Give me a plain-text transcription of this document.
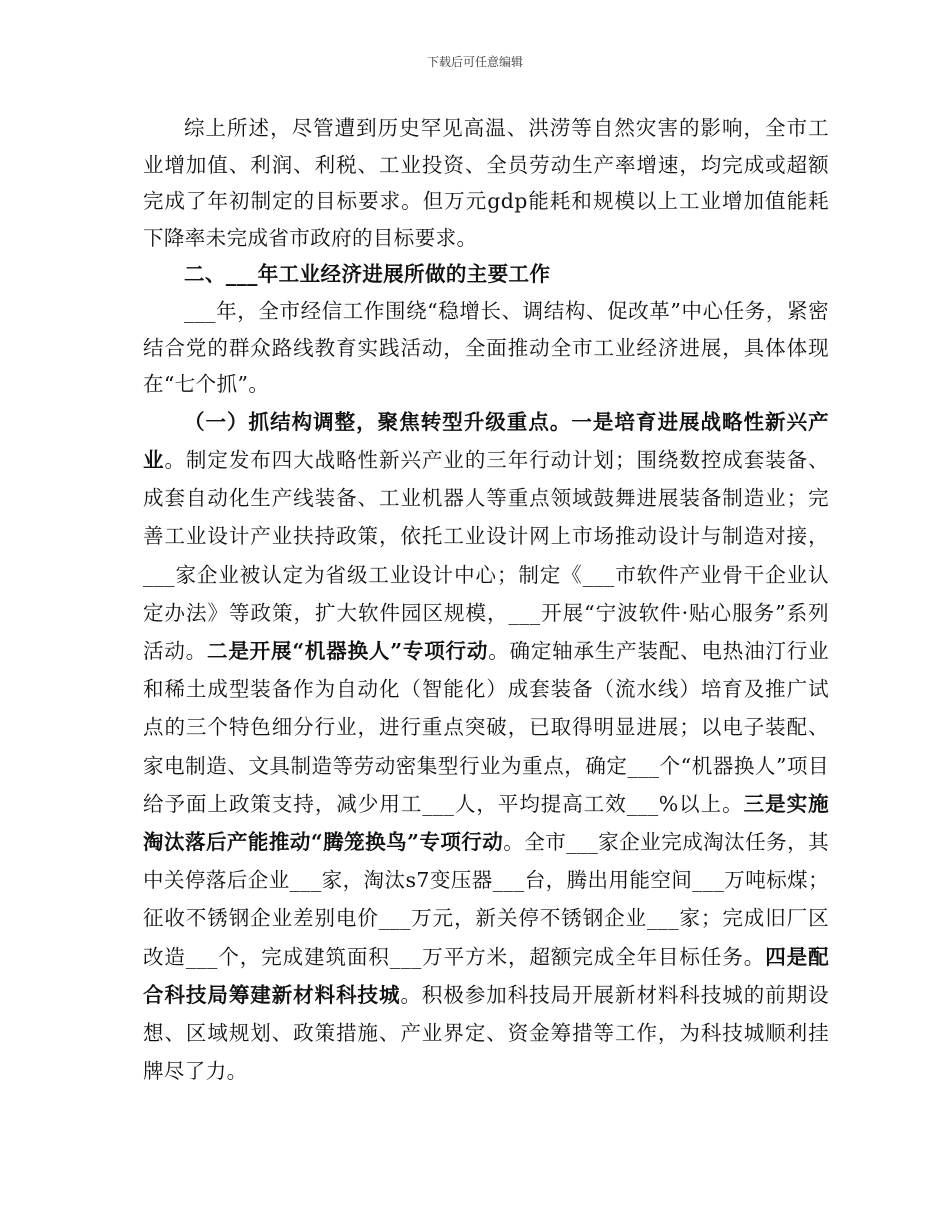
下载后可任意编辑

综上所述，尽管遭到历史罕见高温、洪涝等自然灾害的影响，全市工业增加值、利润、利税、工业投资、全员劳动生产率增速，均完成或超额完成了年初制定的目标要求。但万元gdp能耗和规模以上工业增加值能耗下降率未完成省市政府的目标要求。

二、___年工业经济进展所做的主要工作

___年，全市经信工作围绕“稳增长、调结构、促改革”中心任务，紧密结合党的群众路线教育实践活动，全面推动全市工业经济进展，具体体现在“七个抓”。

（一）抓结构调整，聚焦转型升级重点。一是培育进展战略性新兴产业。制定发布四大战略性新兴产业的三年行动计划；围绕数控成套装备、成套自动化生产线装备、工业机器人等重点领域鼓舞进展装备制造业；完善工业设计产业扶持政策，依托工业设计网上市场推动设计与制造对接，___家企业被认定为省级工业设计中心；制定《___市软件产业骨干企业认定办法》等政策，扩大软件园区规模，___开展“宁波软件·贴心服务”系列活动。二是开展“机器换人”专项行动。确定轴承生产装配、电热油汀行业和稀土成型装备作为自动化（智能化）成套装备（流水线）培育及推广试点的三个特色细分行业，进行重点突破，已取得明显进展；以电子装配、家电制造、文具制造等劳动密集型行业为重点，确定___个“机器换人”项目给予面上政策支持，减少用工___人，平均提高工效___%以上。三是实施淘汰落后产能推动“腾笼换鸟”专项行动。全市___家企业完成淘汰任务，其中关停落后企业___家，淘汰s7变压器___台，腾出用能空间___万吨标煤；征收不锈钢企业差别电价___万元，新关停不锈钢企业___家；完成旧厂区改造___个，完成建筑面积___万平方米，超额完成全年目标任务。四是配合科技局筹建新材料科技城。积极参加科技局开展新材料科技城的前期设想、区域规划、政策措施、产业界定、资金筹措等工作，为科技城顺利挂牌尽了力。
